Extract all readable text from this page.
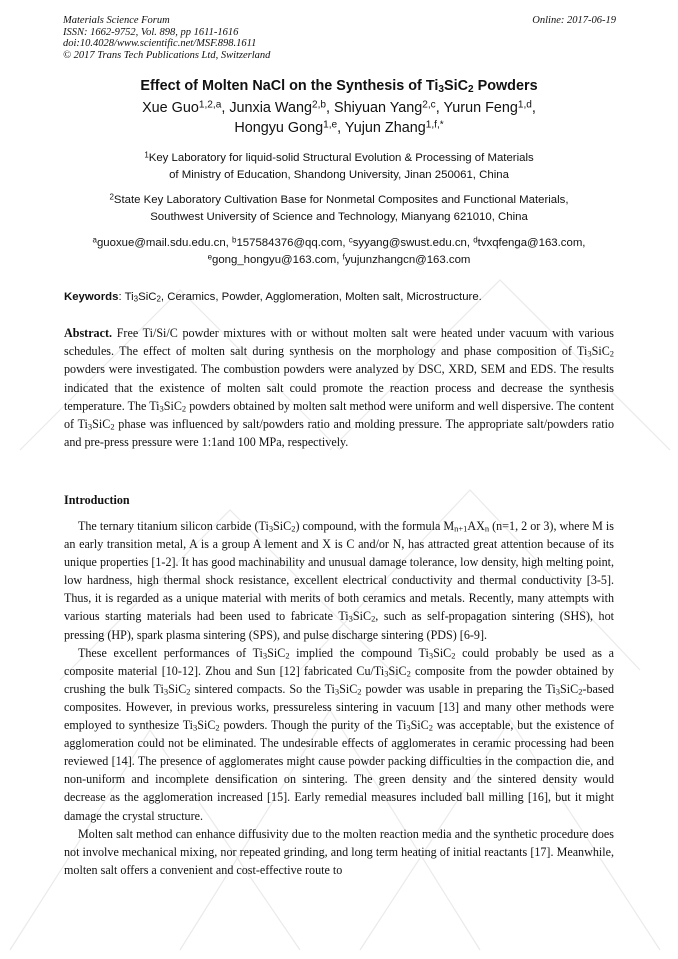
Materials Science Forum
ISSN: 1662-9752, Vol. 898, pp 1611-1616
doi:10.4028/www.scientific.net/MSF.898.1611
© 2017 Trans Tech Publications Ltd, Switzerland
Online: 2017-06-19
Effect of Molten NaCl on the Synthesis of $Ti_3SiC_2$ Powders
Xue Guo$^{1,2,a}$, Junxia Wang$^{2,b}$, Shiyuan Yang$^{2,c}$, Yurun Feng$^{1,d}$,
Hongyu Gong$^{1,e}$, Yujun Zhang$^{1,f,*}$
$^1$Key Laboratory for liquid-solid Structural Evolution & Processing of Materials
of Ministry of Education, Shandong University, Jinan 250061, China
$^2$State Key Laboratory Cultivation Base for Nonmetal Composites and Functional Materials,
Southwest University of Science and Technology, Mianyang 621010, China
$^a$guoxue@mail.sdu.edu.cn, $^b$157584376@qq.com, $^c$syyang@swust.edu.cn, $^d$tvxqfenga@163.com,
$^e$gong_hongyu@163.com, $^f$yujunzhangcn@163.com
Keywords: $Ti_3SiC_2$, Ceramics, Powder, Agglomeration, Molten salt, Microstructure.
Abstract. Free Ti/Si/C powder mixtures with or without molten salt were heated under vacuum with various schedules. The effect of molten salt during synthesis on the morphology and phase composition of $Ti_3SiC_2$ powders were investigated. The combustion powders were analyzed by DSC, XRD, SEM and EDS. The results indicated that the existence of molten salt could promote the reaction process and decrease the synthesis temperature. The $Ti_3SiC_2$ powders obtained by molten salt method were uniform and well dispersive. The content of $Ti_3SiC_2$ phase was influenced by salt/powders ratio and molding pressure. The appropriate salt/powders ratio and pre-press pressure were 1:1and 100 MPa, respectively.
Introduction

The ternary titanium silicon carbide $(Ti_3SiC_2)$ compound, with the formula $M_{n+1}AX_n$ (n=1, 2 or 3), where M is an early transition metal, A is a group A lement and X is C and/or N, has attracted great attention because of its unique properties [1-2]. It has good machinability and unusual damage tolerance, low density, high melting point, low hardness, high thermal shock resistance, excellent electrical conductivity and thermal conductivity [3-5]. Thus, it is regarded as a unique material with merits of both ceramics and metals. Recently, many attempts with various starting materials had been used to fabricate $Ti_3SiC_2$, such as self-propagation sintering (SHS), hot pressing (HP), spark plasma sintering (SPS), and pulse discharge sintering (PDS) [6-9].

These excellent performances of $Ti_3SiC_2$ implied the compound $Ti_3SiC_2$ could probably be used as a composite material [10-12]. Zhou and Sun [12] fabricated $Cu/Ti_3SiC_2$ composite from the powder obtained by crushing the bulk $Ti_3SiC_2$ sintered compacts. So the $Ti_3SiC_2$ powder was usable in preparing the $Ti_3SiC_2$-based composites. However, in previous works, pressureless sintering in vacuum [13] and many other methods were employed to synthesize $Ti_3SiC_2$ powders. Though the purity of the $Ti_3SiC_2$ was acceptable, but the existence of agglomeration could not be eliminated. The undesirable effects of agglomerates in ceramic processing had been reviewed [14]. The presence of agglomerates might cause powder packing difficulties in the compaction die, and non-uniform and incomplete densification on sintering. The green density and the sintered density would decrease as the agglomeration increased [15]. Early remedial measures included ball milling [16], but it might damage the crystal structure.

Molten salt method can enhance diffusivity due to the molten reaction media and the synthetic procedure does not involve mechanical mixing, nor repeated grinding, and long term heating of initial reactants [17]. Meanwhile, molten salt offers a convenient and cost-effective route to
